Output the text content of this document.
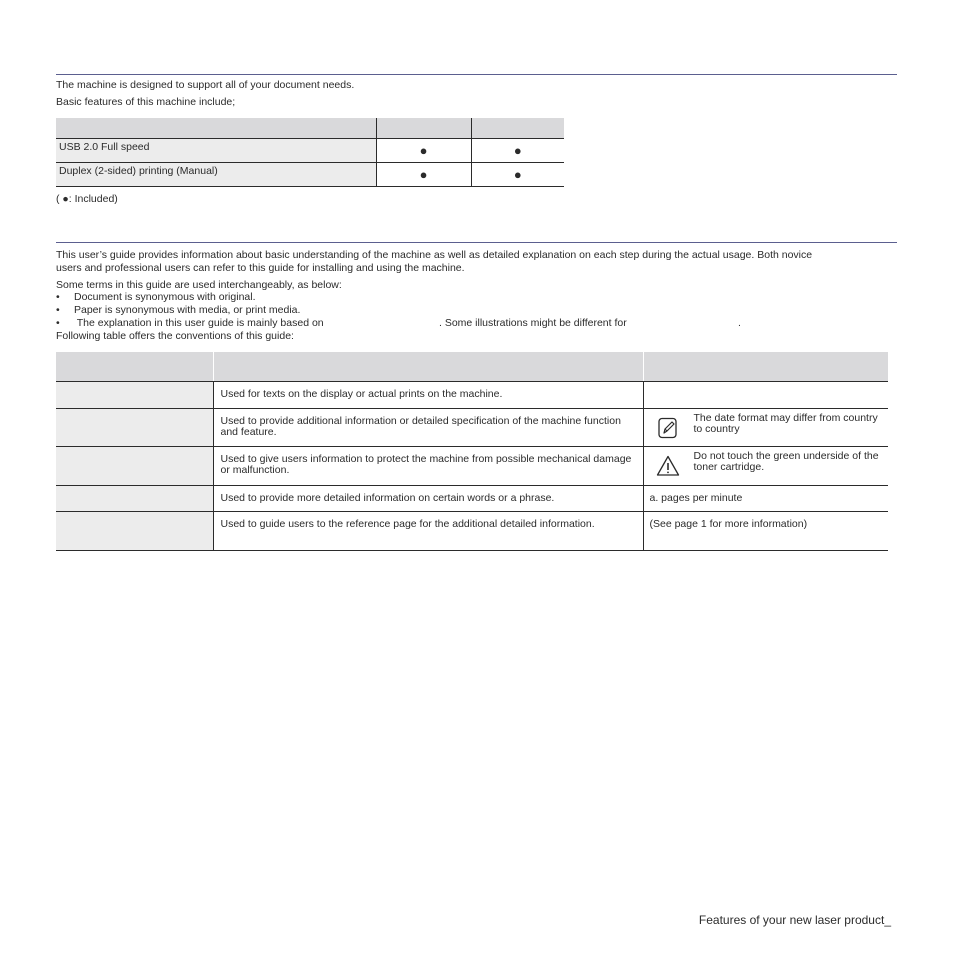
The machine is designed to support all of your document needs.
Basic features of this machine include;

USB 2.0 Full speed	●	●
Duplex (2-sided) printing (Manual)	●	●
( ●: Included)
This user’s guide provides information about basic understanding of the machine as well as detailed explanation on each step during the actual usage. Both novice
users and professional users can refer to this guide for installing and using the machine.
Some terms in this guide are used interchangeably, as below:
• Document is synonymous with original.
• Paper is synonymous with media, or print media.
• The explanation in this user guide is mainly based on	. Some illustrations might be different for	.
Following table offers the conventions of this guide:

	Used for texts on the display or actual prints on the machine.	
	Used to provide additional information or detailed specification of the machine function and feature.	The date format may differ from country to country

	Used to give users information to protect the machine from possible mechanical damage or malfunction.	Do not touch the green underside of the toner cartridge.

	Used to provide more detailed information on certain words or a phrase.	a. pages per minute
	Used to guide users to the reference page for the additional detailed information.	(See page 1 for more information)
Features of your new laser product_
